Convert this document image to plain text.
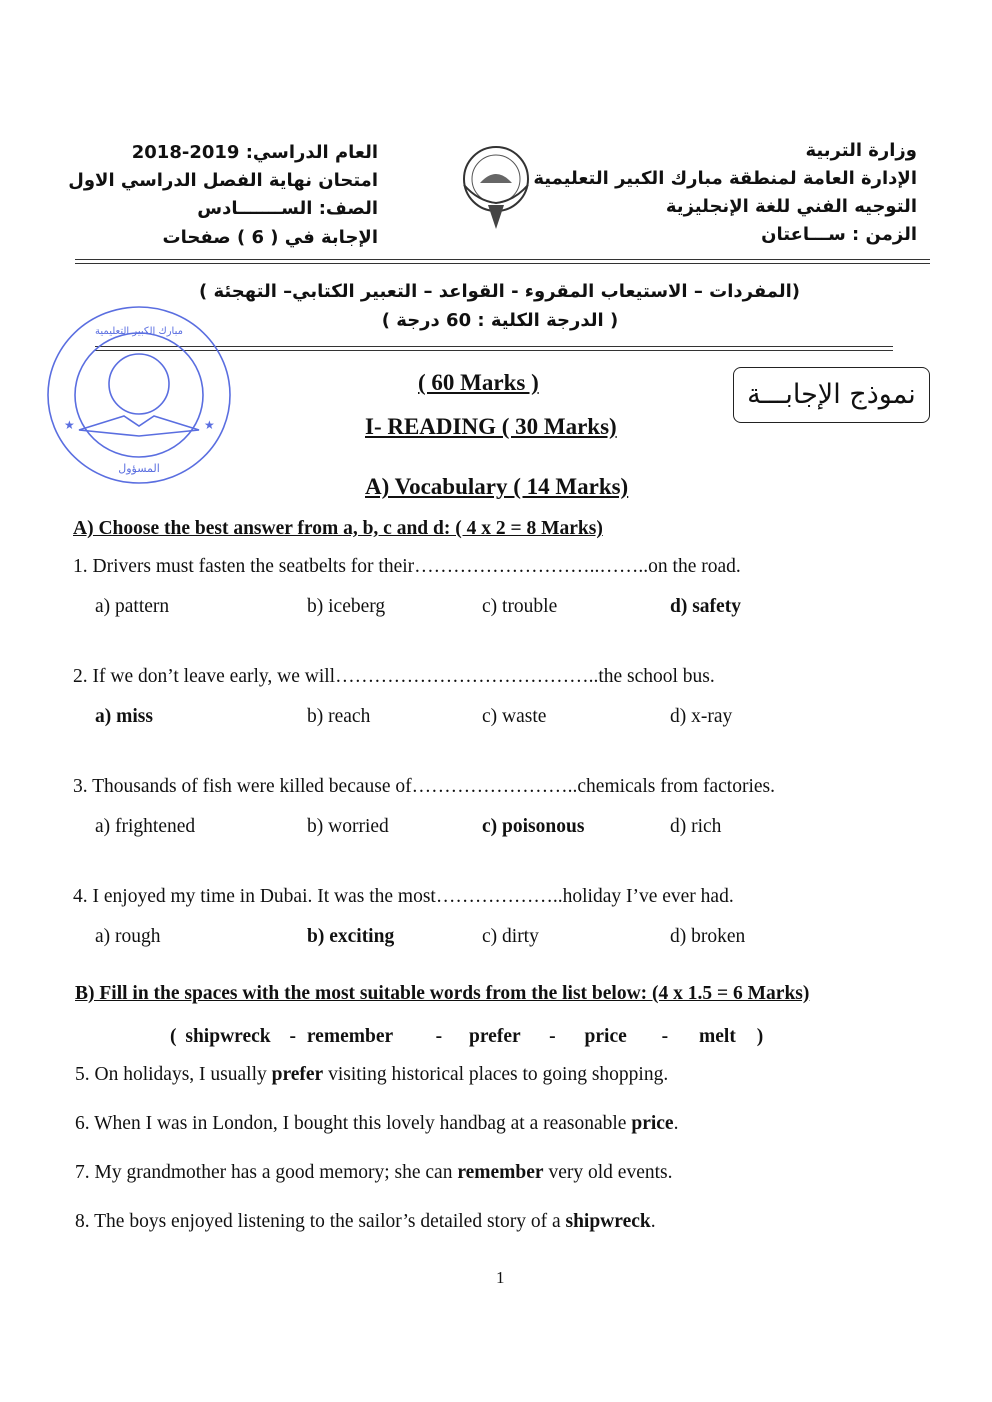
العام الدراسي: 2019-2018
امتحان نهاية الفصل الدراسي الاول
الصف: الســـــــادس
الإجابة في ( 6 ) صفحات
وزارة التربية
الإدارة العامة لمنطقة مبارك الكبير التعليمية
التوجيه الفني للغة الإنجليزية
الزمن : ســـاعتان
(المفردات – الاستيعاب المقروء - القواعد – التعبير الكتابي– التهجئة )
( الدرجة الكلية : 60 درجة )
مبارك الكبير التعليمية
المسؤول
★	★
نموذج الإجابـــة
( 60 Marks )
I- READING ( 30 Marks)
A) Vocabulary ( 14 Marks)
A) Choose the best answer from a, b, c and d: ( 4 x 2 = 8 Marks)
1. Drivers must fasten the seatbelts for their………………………..……..on the road.
a) pattern	b) iceberg	c) trouble	d) safety
2. If we don’t leave early, we will…………………………………..the school bus.
a) miss	b) reach	c) waste	d) x-ray
3. Thousands of fish were killed because of……………………..chemicals from factories.
a) frightened	b) worried	c) poisonous	d) rich
4. I enjoyed my time in Dubai. It was the most………………..holiday I’ve ever had.
a) rough	b) exciting	c) dirty	d) broken
B) Fill in the spaces with the most suitable words from the list below: (4 x 1.5 = 6 Marks)
( shipwreck - remember - prefer - price - melt )
5. On holidays, I usually prefer visiting historical places to going shopping.
6. When I was in London, I bought this lovely handbag at a reasonable price.
7. My grandmother has a good memory; she can remember very old events.
8. The boys enjoyed listening to the sailor’s detailed story of a shipwreck.
1
